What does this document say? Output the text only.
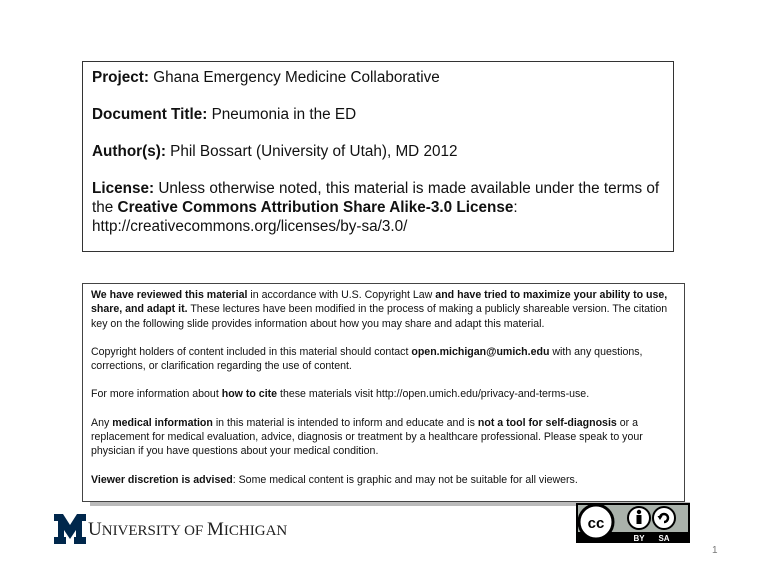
Project: Ghana Emergency Medicine Collaborative

Document Title: Pneumonia in the ED

Author(s): Phil Bossart (University of Utah), MD 2012

License: Unless otherwise noted, this material is made available under the terms of the Creative Commons Attribution Share Alike-3.0 License:
http://creativecommons.org/licenses/by-sa/3.0/

We have reviewed this material in accordance with U.S. Copyright Law and have tried to maximize your ability to use, share, and adapt it. These lectures have been modified in the process of making a publicly shareable version. The citation key on the following slide provides information about how you may share and adapt this material.

Copyright holders of content included in this material should contact open.michigan@umich.edu with any questions, corrections, or clarification regarding the use of content.

For more information about how to cite these materials visit http://open.umich.edu/privacy-and-terms-use.

Any medical information in this material is intended to inform and educate and is not a tool for self-diagnosis or a replacement for medical evaluation, advice, diagnosis or treatment by a healthcare professional. Please speak to your physician if you have questions about your medical condition.

Viewer discretion is advised: Some medical content is graphic and may not be suitable for all viewers.

UNIVERSITY OF MICHIGAN	cc
BY SA
1
